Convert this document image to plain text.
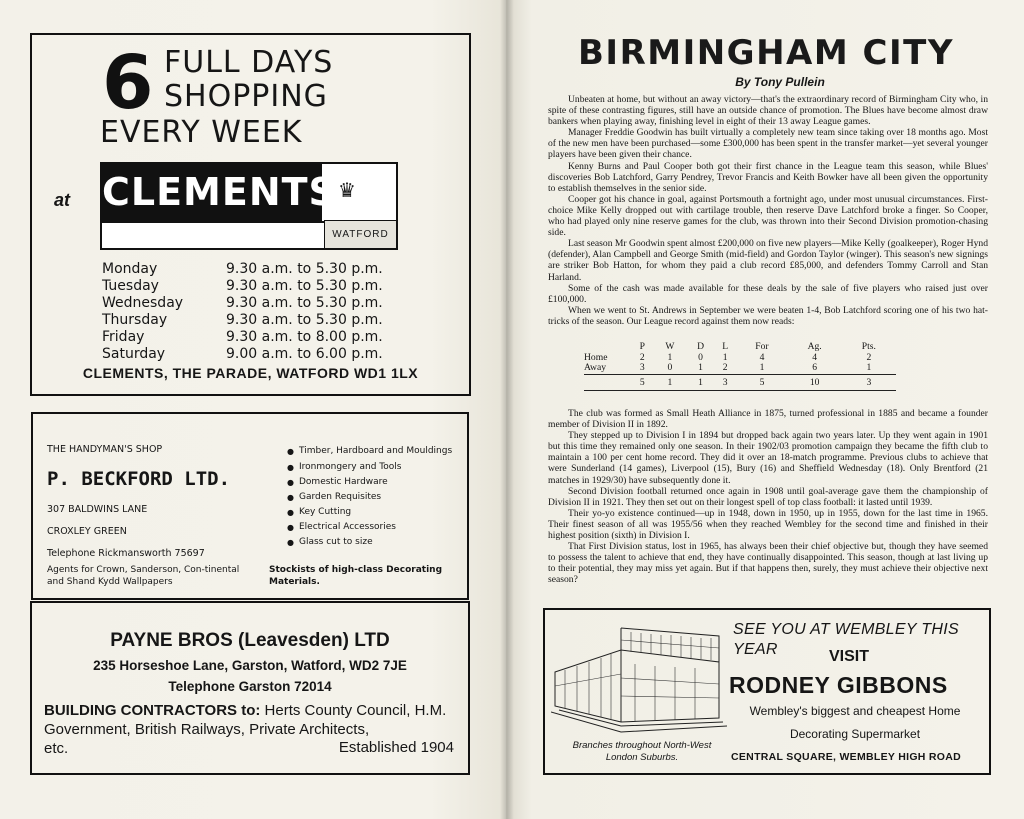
6 FULL DAYS
SHOPPING
EVERY WEEK
at CLEMENTS ♛
WATFORD
Monday	9.30 a.m. to 5.30 p.m.
Tuesday	9.30 a.m. to 5.30 p.m.
Wednesday	9.30 a.m. to 5.30 p.m.
Thursday	9.30 a.m. to 5.30 p.m.
Friday	9.30 a.m. to 8.00 p.m.
Saturday	9.00 a.m. to 6.00 p.m.
CLEMENTS, THE PARADE, WATFORD WD1 1LX
THE HANDYMAN'S SHOP
P. BECKFORD LTD.
307 BALDWINS LANE
CROXLEY GREEN
Telephone Rickmansworth 75697
● Timber, Hardboard and Mouldings
● Ironmongery and Tools
● Domestic Hardware
● Garden Requisites
● Key Cutting
● Electrical Accessories
● Glass cut to size
Agents for Crown, Sanderson, Con-tinental and Shand Kydd Wallpapers
Stockists of high-class Decorating Materials.
PAYNE BROS (Leavesden) LTD
235 Horseshoe Lane, Garston, Watford, WD2 7JE
Telephone Garston 72014
BUILDING CONTRACTORS to: Herts County Council, H.M. Government, British Railways, Private Architects,
etc.	Established 1904
BIRMINGHAM CITY
By Tony Pullein

Unbeaten at home, but without an away victory—that's the extraordinary record of Birmingham City who, in spite of these contrasting figures, still have an outside chance of promotion. The Blues have become almost draw bankers when playing away, finishing level in eight of their 13 away League games.

Manager Freddie Goodwin has built virtually a completely new team since taking over 18 months ago. Most of the new men have been purchased—some £300,000 has been spent in the transfer market—yet several younger players have been given their chance.

Kenny Burns and Paul Cooper both got their first chance in the League team this season, while Blues' discoveries Bob Latchford, Garry Pendrey, Trevor Francis and Keith Bowker have all been given the opportunity to establish themselves in the senior side.

Cooper got his chance in goal, against Portsmouth a fortnight ago, under most unusual circumstances. First-choice Mike Kelly dropped out with cartilage trouble, then reserve Dave Latchford broke a finger. So Cooper, who had played only nine reserve games for the club, was thrown into their Second Division promotion-chasing side.

Last season Mr Goodwin spent almost £200,000 on five new players—Mike Kelly (goalkeeper), Roger Hynd (defender), Alan Campbell and George Smith (mid-field) and Gordon Taylor (winger). This season's new signings are striker Bob Hatton, for whom they paid a club record £85,000, and defenders Tommy Carroll and Stan Harland.

Some of the cash was made available for these deals by the sale of five players who raised just over £100,000.

When we went to St. Andrews in September we were beaten 1-4, Bob Latchford scoring one of his two hat-tricks of the season. Our League record against them now reads:

	P	W	D	L	For	Ag.	Pts.
Home	2	1	0	1	4	4	2
Away	3	0	1	2	1	6	1
	5	1	1	3	5	10	3

The club was formed as Small Heath Alliance in 1875, turned professional in 1885 and became a founder member of Division II in 1892.

They stepped up to Division I in 1894 but dropped back again two years later. Up they went again in 1901 but this time they remained only one season. In their 1902/03 promotion campaign they became the fifth club to maintain a 100 per cent home record. They did it over an 18-match programme. Previous clubs to achieve that were Sunderland (14 games), Liverpool (15), Bury (16) and Sheffield Wednesday (18). Only Brentford (21 matches in 1929/30) have subsequently done it.

Second Division football returned once again in 1908 until goal-average gave them the championship of Division II in 1921. They then set out on their longest spell of top class football: it lasted until 1939.

Their yo-yo existence continued—up in 1948, down in 1950, up in 1955, down for the last time in 1965. Their finest season of all was 1955/56 when they reached Wembley for the second time and finished in their highest position (sixth) in Division I.

That First Division status, lost in 1965, has always been their chief objective but, though they have seemed to possess the talent to achieve that end, they have continually disappointed. This season, though at last living up to their potential, they may miss yet again. But if that happens then, surely, they must achieve their objective next season?

SEE YOU AT WEMBLEY THIS YEAR	VISIT
RODNEY GIBBONS
Wembley's biggest and cheapest Home
Decorating Supermarket
Branches throughout North-West London Suburbs.	CENTRAL SQUARE, WEMBLEY HIGH ROAD
